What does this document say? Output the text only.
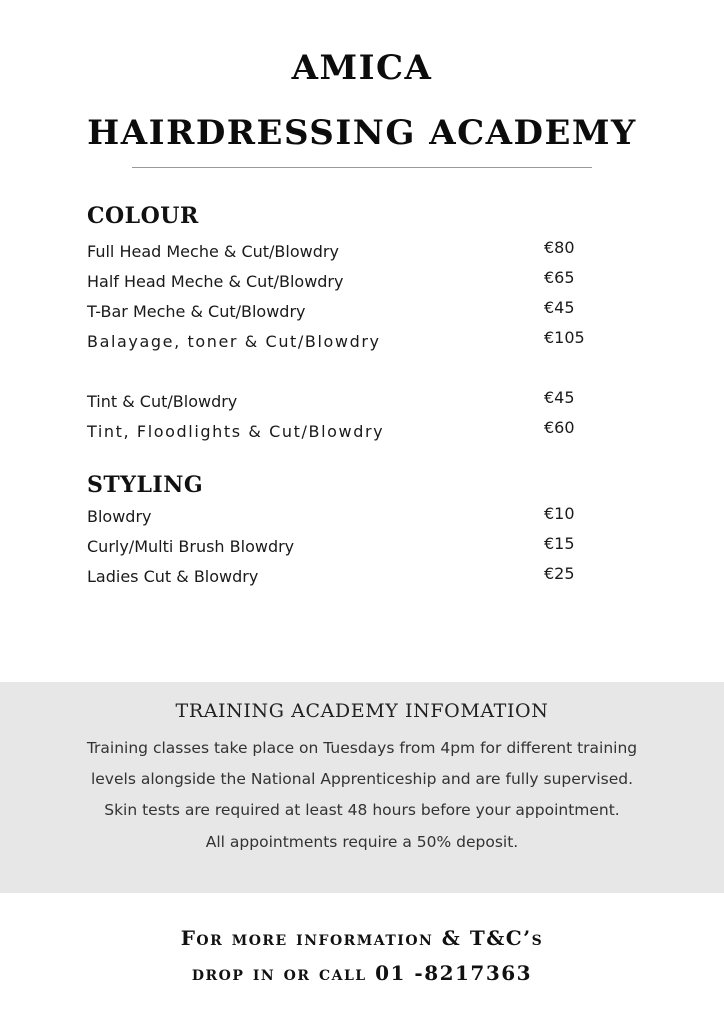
AMICA
HAIRDRESSING ACADEMY
COLOUR
Full Head Meche & Cut/Blowdry	€80
Half Head Meche & Cut/Blowdry	€65
T-Bar Meche & Cut/Blowdry	€45
Balayage, toner & Cut/Blowdry	€105
Tint & Cut/Blowdry	€45
Tint, Floodlights & Cut/Blowdry	€60
STYLING
Blowdry	€10
Curly/Multi Brush Blowdry	€15
Ladies Cut & Blowdry	€25
TRAINING ACADEMY INFOMATION
Training classes take place on Tuesdays from 4pm for different training
levels alongside the National Apprenticeship and are fully supervised.
Skin tests are required at least 48 hours before your appointment.
All appointments require a 50% deposit.
For more information & T&C’s
drop in or call 01 -8217363
